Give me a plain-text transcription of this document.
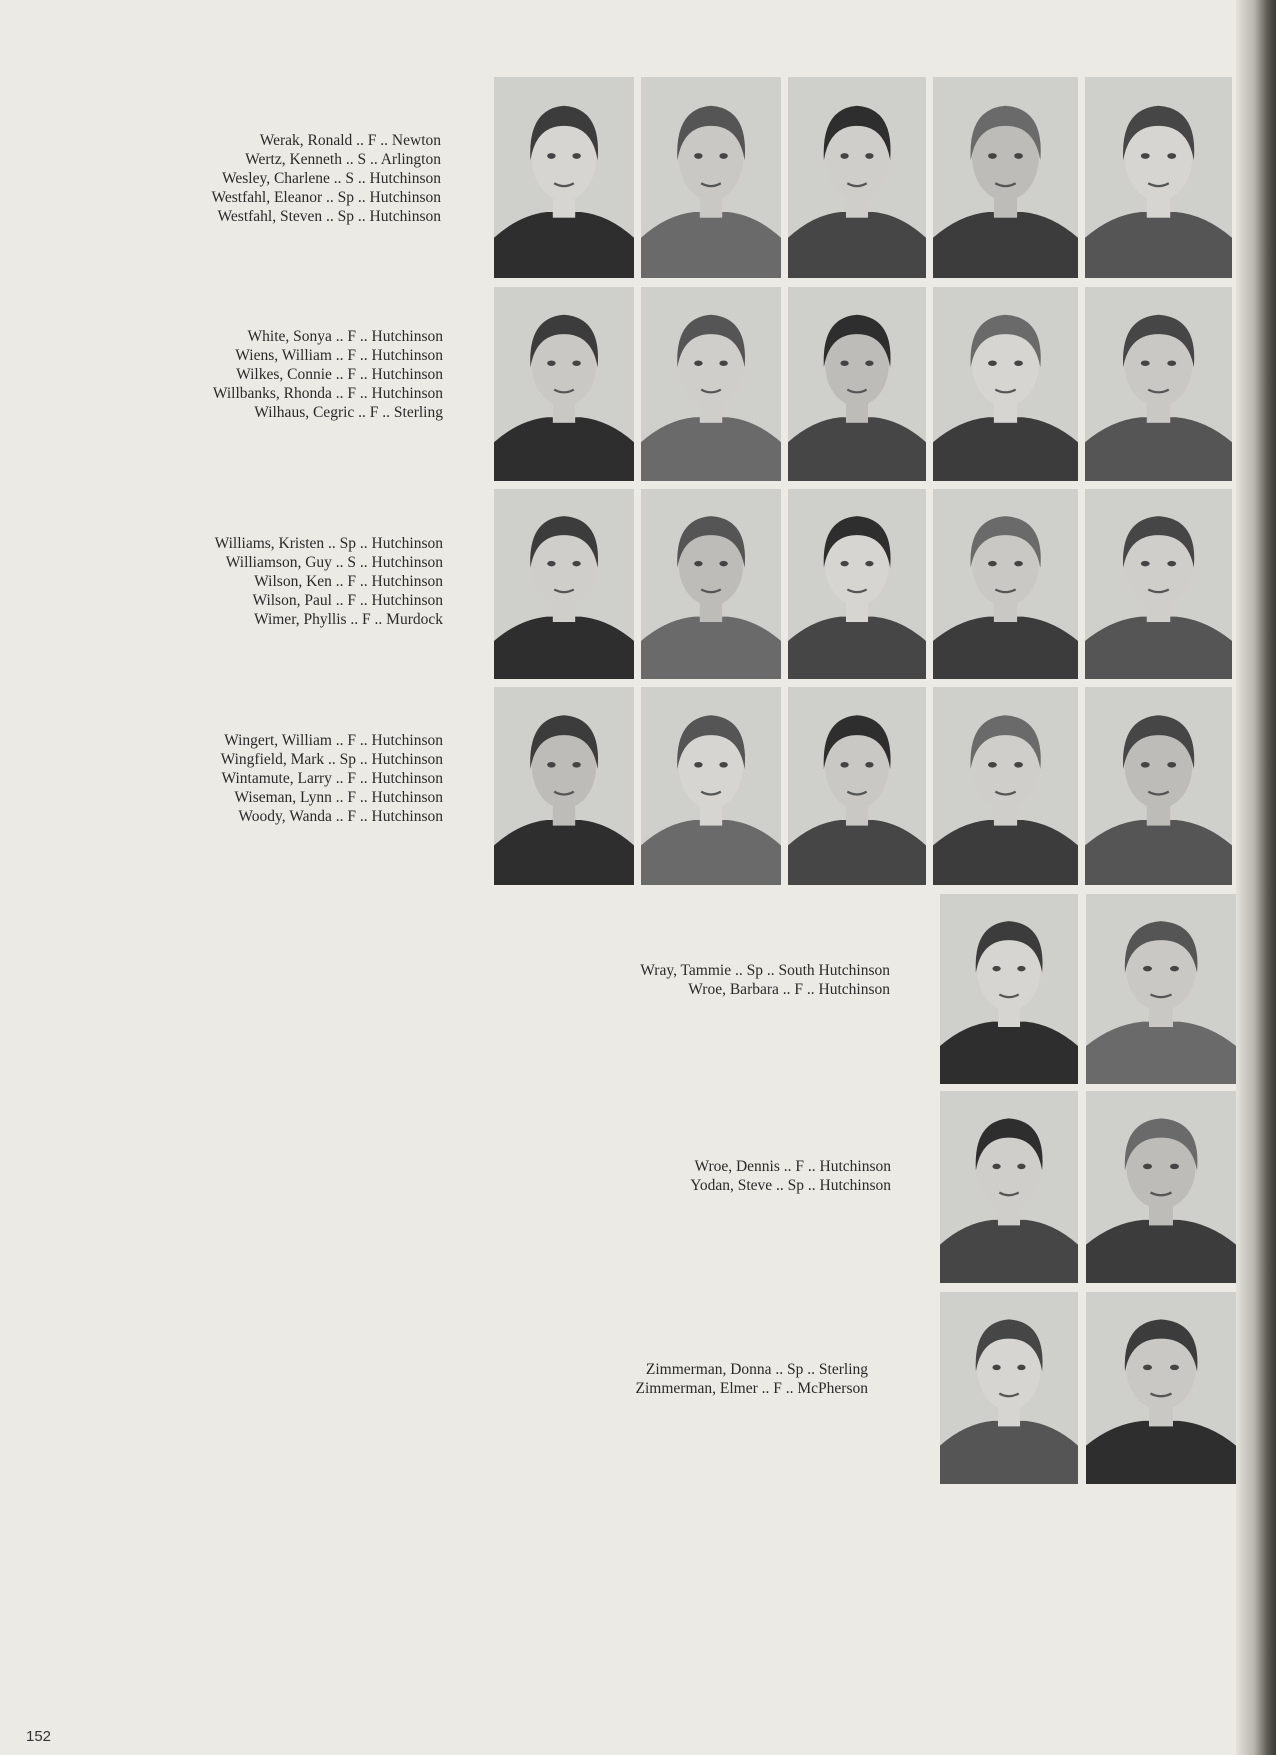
Werak, Ronald .. F .. Newton
Wertz, Kenneth .. S .. Arlington
Wesley, Charlene .. S .. Hutchinson
Westfahl, Eleanor .. Sp .. Hutchinson
Westfahl, Steven .. Sp .. Hutchinson
White, Sonya .. F .. Hutchinson
Wiens, William .. F .. Hutchinson
Wilkes, Connie .. F .. Hutchinson
Willbanks, Rhonda .. F .. Hutchinson
Wilhaus, Cegric .. F .. Sterling
Williams, Kristen .. Sp .. Hutchinson
Williamson, Guy .. S .. Hutchinson
Wilson, Ken .. F .. Hutchinson
Wilson, Paul .. F .. Hutchinson
Wimer, Phyllis .. F .. Murdock
Wingert, William .. F .. Hutchinson
Wingfield, Mark .. Sp .. Hutchinson
Wintamute, Larry .. F .. Hutchinson
Wiseman, Lynn .. F .. Hutchinson
Woody, Wanda .. F .. Hutchinson
Wray, Tammie .. Sp .. South Hutchinson
Wroe, Barbara .. F .. Hutchinson
Wroe, Dennis .. F .. Hutchinson
Yodan, Steve .. Sp .. Hutchinson
Zimmerman, Donna .. Sp .. Sterling
Zimmerman, Elmer .. F .. McPherson
152
